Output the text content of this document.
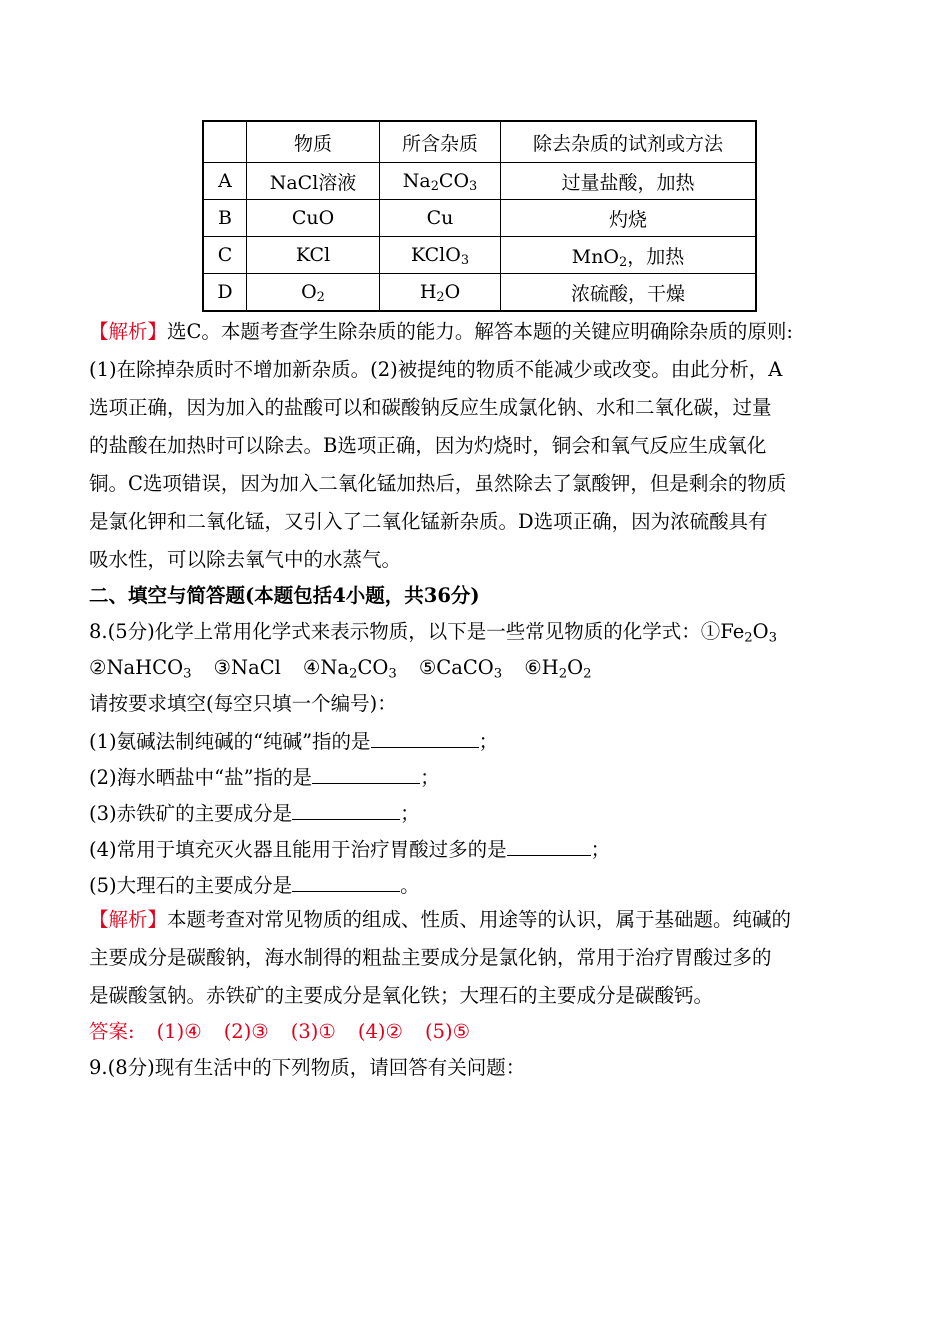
	物质	所含杂质	除去杂质的试剂或方法
A	NaCl溶液	$Na_2CO_3$	过量盐酸，加热
B	CuO	Cu	灼烧
C	KCl	KClO$_3$	MnO$_2$，加热
D	$O_2$	$H_2O$	浓硫酸，干燥
【解析】选C。本题考查学生除杂质的能力。解答本题的关键应明确除杂质的原则:
(1)在除掉杂质时不增加新杂质。(2)被提纯的物质不能减少或改变。由此分析，A
选项正确，因为加入的盐酸可以和碳酸钠反应生成氯化钠、水和二氧化碳，过量
的盐酸在加热时可以除去。B选项正确，因为灼烧时，铜会和氧气反应生成氧化
铜。C选项错误，因为加入二氧化锰加热后，虽然除去了氯酸钾，但是剩余的物质
是氯化钾和二氧化锰，又引入了二氧化锰新杂质。D选项正确，因为浓硫酸具有
吸水性，可以除去氧气中的水蒸气。
二、填空与简答题(本题包括4小题，共36分)
8.(5分)化学上常用化学式来表示物质，以下是一些常见物质的化学式：$①Fe_2O_3$
②NaHCO$_3$ ③NaCl $④Na_2CO_3$ ⑤CaCO$_3$ $⑥H_2O_2$
请按要求填空(每空只填一个编号)：
(1)氨碱法制纯碱的“纯碱”指的是	；
(2)海水晒盐中“盐”指的是	；
(3)赤铁矿的主要成分是	；
(4)常用于填充灭火器且能用于治疗胃酸过多的是	；
(5)大理石的主要成分是	。
【解析】本题考查对常见物质的组成、性质、用途等的认识，属于基础题。纯碱的
主要成分是碳酸钠，海水制得的粗盐主要成分是氯化钠，常用于治疗胃酸过多的
是碳酸氢钠。赤铁矿的主要成分是氧化铁；大理石的主要成分是碳酸钙。
答案: (1)④ (2)③ (3)① (4)② (5)⑤
9.(8分)现有生活中的下列物质，请回答有关问题：
